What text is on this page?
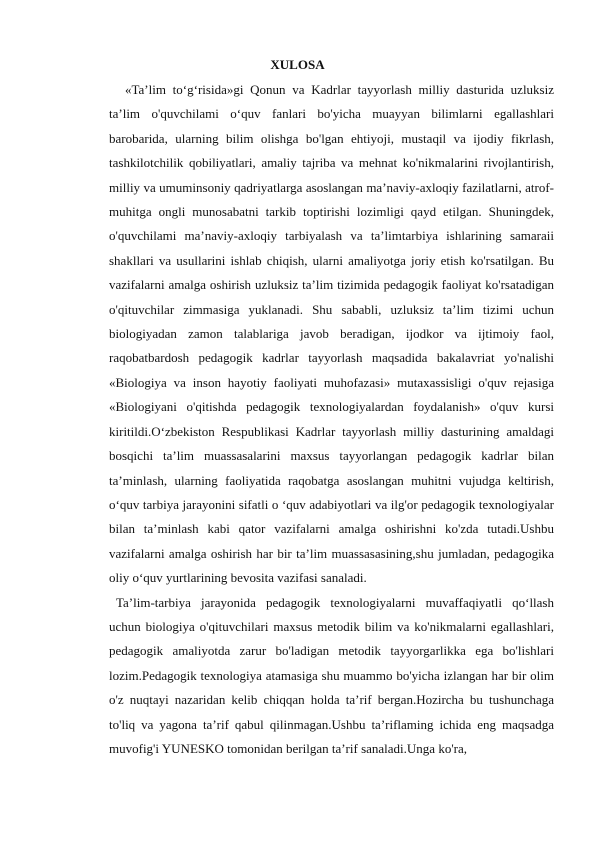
XULOSA

«Ta’lim to‘g‘risida»gi Qonun va Kadrlar tayyorlash milliy dasturida uzluksiz ta’lim o'quvchilami o‘quv fanlari bo'yicha muayyan bilimlarni egallashlari barobarida, ularning bilim olishga bo'lgan ehtiyoji, mustaqil va ijodiy fikrlash, tashkilotchilik qobiliyatlari, amaliy tajriba va mehnat ko'nikmalarini rivojlantirish, milliy va umuminsoniy qadriyatlarga asoslangan ma’naviy-axloqiy fazilatlarni, atrof-muhitga ongli munosabatni tarkib toptirishi lozimligi qayd etilgan. Shuningdek, o'quvchilami ma’naviy-axloqiy tarbiyalash va ta’limtarbiya ishlarining samaraii shakllari va usullarini ishlab chiqish, ularni amaliyotga joriy etish ko'rsatilgan. Bu vazifalarni amalga oshirish uzluksiz ta’lim tizimida pedagogik faoliyat ko'rsatadigan o'qituvchilar zimmasiga yuklanadi. Shu sababli, uzluksiz ta’lim tizimi uchun biologiyadan zamon talablariga javob beradigan, ijodkor va ijtimoiy faol, raqobatbardosh pedagogik kadrlar tayyorlash maqsadida bakalavriat yo'nalishi «Biologiya va inson hayotiy faoliyati muhofazasi» mutaxassisligi o'quv rejasiga «Biologiyani o'qitishda pedagogik texnologiyalardan foydalanish» o'quv kursi kiritildi.O‘zbekiston Respublikasi Kadrlar tayyorlash milliy dasturining amaldagi bosqichi ta’lim muassasalarini maxsus tayyorlangan pedagogik kadrlar bilan ta’minlash, ularning faoliyatida raqobatga asoslangan muhitni vujudga keltirish, o‘quv tarbiya jarayonini sifatli o ‘quv adabiyotlari va ilg'or pedagogik texnologiyalar bilan ta’minlash kabi qator vazifalarni amalga oshirishni ko'zda tutadi.Ushbu vazifalarni amalga oshirish har bir ta’lim muassasasining,shu jumladan, pedagogika oliy o‘quv yurtlarining bevosita vazifasi sanaladi.

Ta’lim-tarbiya jarayonida pedagogik texnologiyalarni muvaffaqiyatli qo‘llash uchun biologiya o'qituvchilari maxsus metodik bilim va ko'nikmalarni egallashlari, pedagogik amaliyotda zarur bo'ladigan metodik tayyorgarlikka ega bo'lishlari lozim.Pedagogik texnologiya atamasiga shu muammo bo'yicha izlangan har bir olim o'z nuqtayi nazaridan kelib chiqqan holda ta’rif bergan.Hozircha bu tushunchaga to'liq va yagona ta’rif qabul qilinmagan.Ushbu ta’riflaming ichida eng maqsadga muvofig'i YUNESKO tomonidan berilgan ta’rif sanaladi.Unga ko'ra,
